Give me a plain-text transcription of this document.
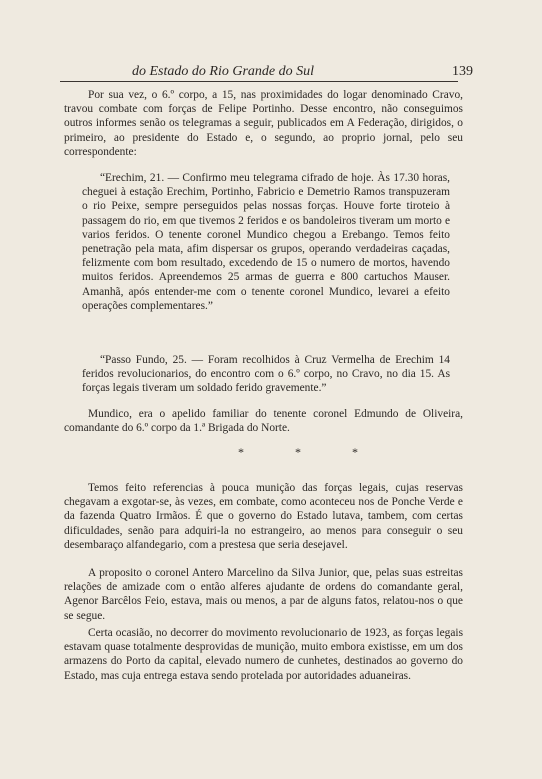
do Estado do Rio Grande do Sul	139

Por sua vez, o 6.º corpo, a 15, nas proximidades do logar denominado Cravo, travou combate com forças de Felipe Portinho. Desse encontro, não conseguimos outros informes senão os telegramas a seguir, publicados em A Federação, dirigidos, o primeiro, ao presidente do Estado e, o segundo, ao proprio jornal, pelo seu correspondente:

“Erechim, 21. — Confirmo meu telegrama cifrado de hoje. Às 17.30 horas, cheguei à estação Erechim, Portinho, Fabricio e Demetrio Ramos transpuzeram o rio Peixe, sempre perseguidos pelas nossas forças. Houve forte tiroteio à passagem do rio, em que tivemos 2 feridos e os bandoleiros tiveram um morto e varios feridos. O tenente coronel Mundico chegou a Erebango. Temos feito penetração pela mata, afim dispersar os grupos, operando verdadeiras caçadas, felizmente com bom resultado, excedendo de 15 o numero de mortos, havendo muitos feridos. Apreendemos 25 armas de guerra e 800 cartuchos Mauser. Amanhã, após entender-me com o tenente coronel Mundico, levarei a efeito operações complementares.”

“Passo Fundo, 25. — Foram recolhidos à Cruz Vermelha de Erechim 14 feridos revolucionarios, do encontro com o 6.º corpo, no Cravo, no dia 15. As forças legais tiveram um soldado ferido gravemente.”

Mundico, era o apelido familiar do tenente coronel Edmundo de Oliveira, comandante do 6.º corpo da 1.ª Brigada do Norte.

* * *

Temos feito referencias à pouca munição das forças legais, cujas reservas chegavam a exgotar-se, às vezes, em combate, como aconteceu nos de Ponche Verde e da fazenda Quatro Irmãos. É que o governo do Estado lutava, tambem, com certas dificuldades, senão para adquiri-la no estrangeiro, ao menos para conseguir o seu desembaraço alfandegario, com a prestesa que seria desejavel.

A proposito o coronel Antero Marcelino da Silva Junior, que, pelas suas estreitas relações de amizade com o então alferes ajudante de ordens do comandante geral, Agenor Barcêlos Feio, estava, mais ou menos, a par de alguns fatos, relatou-nos o que se segue.

Certa ocasião, no decorrer do movimento revolucionario de 1923, as forças legais estavam quase totalmente desprovidas de munição, muito embora existisse, em um dos armazens do Porto da capital, elevado numero de cunhetes, destinados ao governo do Estado, mas cuja entrega estava sendo protelada por autoridades aduaneiras.
